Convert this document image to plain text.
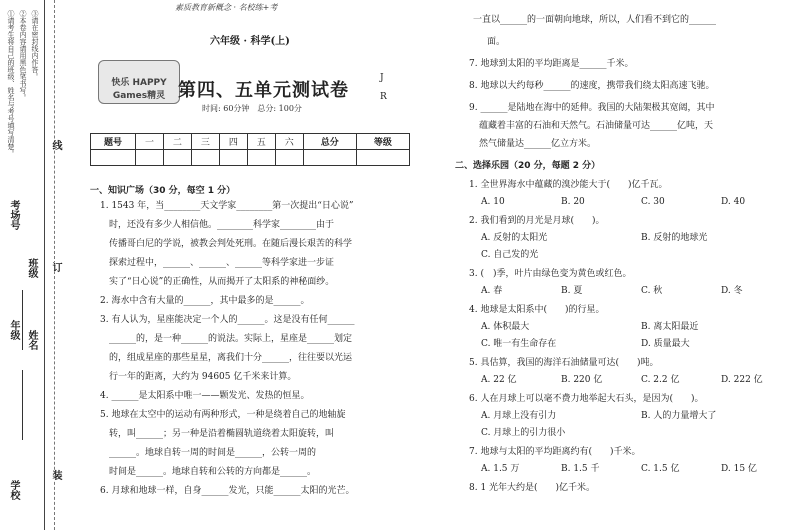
①请考生将自己的班级、姓名与考号填写清楚。 ②本卷内容请用黑色笔书写。 ③请在密封线内作答。
线
订
装
考场号
班级
年级 姓名
学校
素质教育新概念 · 名校练+考
六年级 · 科学(上)
快乐 HAPPY Games精灵 第四、五单元测试卷
时间: 60分钟　总分: 100分
J
R
题号	一	二	三	四	五	六	总分	等级

一、知识广场（30 分，每空 1 分）
1. 1543 年，当________天文学家________第一次提出“日心说”
时，还没有多少人相信他。________科学家________由于
传播哥白尼的学说，被教会判处死刑。在随后漫长艰苦的科学
探索过程中，______、______、______等科学家进一步证
实了“日心说”的正确性，从而揭开了太阳系的神秘面纱。
2. 海水中含有大量的______，其中最多的是______。
3. 有人认为，星座能决定一个人的______。这是没有任何______
______的，是一种______的说法。实际上，星座是______划定
的，组成星座的那些星星，离我们十分______，往往要以光运
行一年的距离，大约为 94605 亿千米来计算。
4. ______是太阳系中唯一——颗发光、发热的恒星。
5. 地球在太空中的运动有两种形式，一种是绕着自己的地轴旋
转，叫______；另一种是沿着椭圆轨道绕着太阳旋转，叫
______。地球自转一周的时间是______，公转一周的
时间是______。地球自转和公转的方向都是______。
6. 月球和地球一样，自身______发光，只能______太阳的光芒。
一直以______的一面朝向地球，所以，人们看不到它的______
面。
7. 地球到太阳的平均距离是______千米。
8. 地球以大约每秒______的速度，携带我们绕太阳高速飞驰。
9. ______是陆地在海中的延伸。我国的大陆架极其宽阔，其中
蕴藏着丰富的石油和天然气。石油储量可达______亿吨，天
然气储量达______亿立方米。
二、选择乐园（20 分，每题 2 分）
1. 全世界海水中蕴藏的溴沙能大于(　　)亿千瓦。
A. 10	B. 20	C. 30	D. 40
2. 我们看到的月光是月球(　　)。
A. 反射的太阳光	B. 反射的地球光
C. 自己发的光
3. (　)季，叶片由绿色变为黄色或红色。
A. 春	B. 夏	C. 秋	D. 冬
4. 地球是太阳系中(　　)的行星。
A. 体积最大	B. 离太阳最近
C. 唯一有生命存在	D. 质量最大
5. 具估算，我国的海洋石油储量可达(　　)吨。
A. 22 亿	B. 220 亿	C. 2.2 亿	D. 222 亿
6. 人在月球上可以毫不费力地举起大石头，是因为(　　)。
A. 月球上没有引力	B. 人的力量增大了
C. 月球上的引力很小
7. 地球与太阳的平均距离约有(　　)千米。
A. 1.5 万	B. 1.5 千	C. 1.5 亿	D. 15 亿
8. 1 光年大约是(　　)亿千米。
